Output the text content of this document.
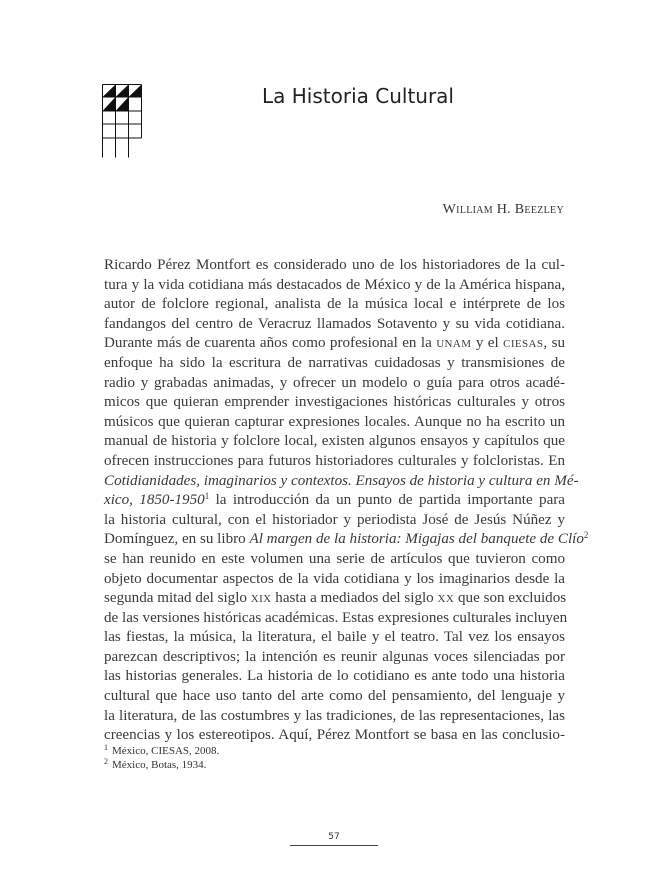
La Historia Cultural
William H. Beezley
Ricardo Pérez Montfort es considerado uno de los historiadores de la cul-
tura y la vida cotidiana más destacados de México y de la América hispana,
autor de folclore regional, analista de la música local e intérprete de los
fandangos del centro de Veracruz llamados Sotavento y su vida cotidiana.
Durante más de cuarenta años como profesional en la unam y el ciesas, su
enfoque ha sido la escritura de narrativas cuidadosas y transmisiones de
radio y grabadas animadas, y ofrecer un modelo o guía para otros acadé-
micos que quieran emprender investigaciones históricas culturales y otros
músicos que quieran capturar expresiones locales. Aunque no ha escrito un
manual de historia y folclore local, existen algunos ensayos y capítulos que
ofrecen instrucciones para futuros historiadores culturales y folcloristas. En
Cotidianidades, imaginarios y contextos. Ensayos de historia y cultura en Mé-
xico, 1850-1950$^1$ la introducción da un punto de partida importante para
la historia cultural, con el historiador y periodista José de Jesús Núñez y
Domínguez, en su libro Al margen de la historia: Migajas del banquete de Clío$^2$
se han reunido en este volumen una serie de artículos que tuvieron como
objeto documentar aspectos de la vida cotidiana y los imaginarios desde la
segunda mitad del siglo xix hasta a mediados del siglo xx que son excluidos
de las versiones históricas académicas. Estas expresiones culturales incluyen
las fiestas, la música, la literatura, el baile y el teatro. Tal vez los ensayos
parezcan descriptivos; la intención es reunir algunas voces silenciadas por
las historias generales. La historia de lo cotidiano es ante todo una historia
cultural que hace uso tanto del arte como del pensamiento, del lenguaje y
la literatura, de las costumbres y las tradiciones, de las representaciones, las
creencias y los estereotipos. Aquí, Pérez Montfort se basa en las conclusio-
$^1$ México, CIESAS, 2008.
$^2$ México, Botas, 1934.
57
